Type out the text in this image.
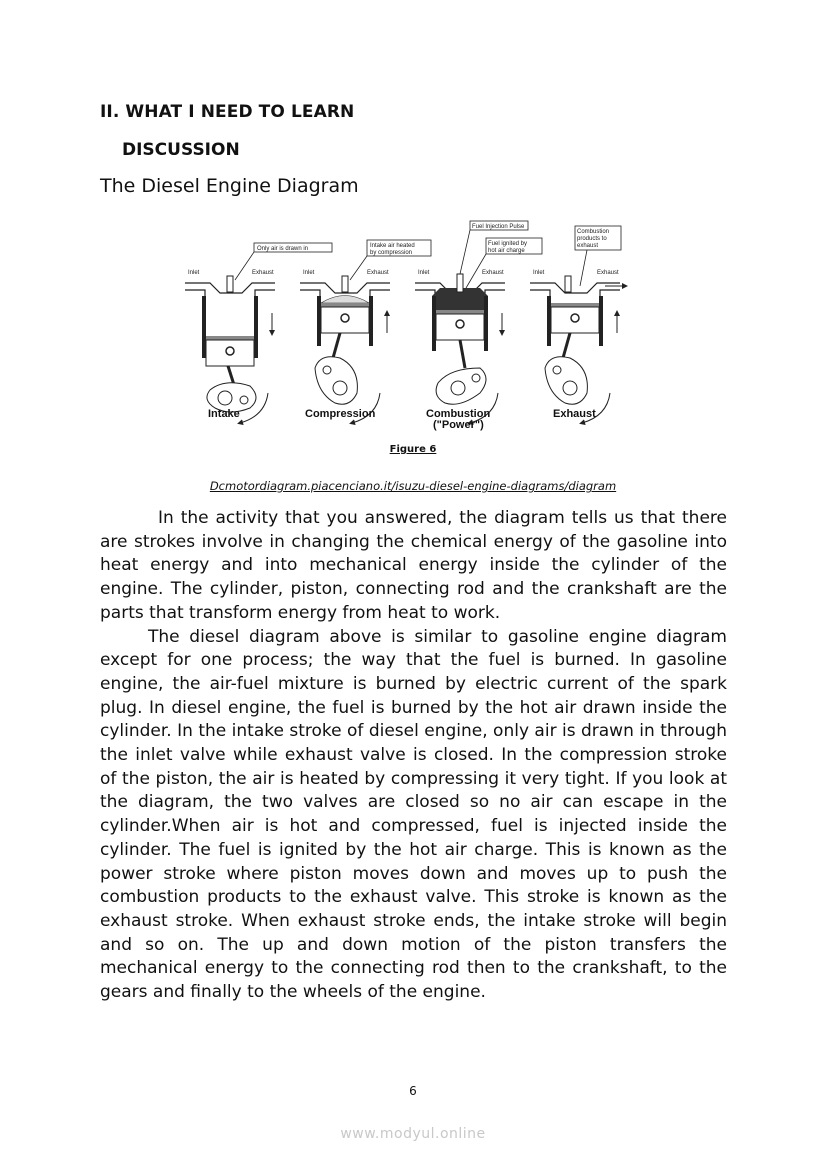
II. WHAT I NEED TO LEARN
DISCUSSION
The Diesel Engine Diagram
Inlet	Exhaust
Only air is drawn in
Inlet	Exhaust
Intake air heated
by compression
Inlet	Exhaust
Fuel Injection Pulse
Fuel ignited by
hot air charge
Inlet	Exhaust
Combustion
products to
exhaust
Intake	Compression	Combustion
("Power")
Exhaust
Figure 6
Dcmotordiagram.piacenciano.it/isuzu-diesel-engine-diagrams/diagram

In the activity that you answered, the diagram tells us that there are strokes involve in changing the chemical energy of the gasoline into heat energy and into mechanical energy inside the cylinder of the engine. The cylinder, piston, connecting rod and the crankshaft are the parts that transform energy from heat to work.

The diesel diagram above is similar to gasoline engine diagram except for one process; the way that the fuel is burned. In gasoline engine, the air-fuel mixture is burned by electric current of the spark plug. In diesel engine, the fuel is burned by the hot air drawn inside the cylinder. In the intake stroke of diesel engine, only air is drawn in through the inlet valve while exhaust valve is closed. In the compression stroke of the piston, the air is heated by compressing it very tight. If you look at the diagram, the two valves are closed so no air can escape in the cylinder.When air is hot and compressed, fuel is injected inside the cylinder. The fuel is ignited by the hot air charge. This is known as the power stroke where piston moves down and moves up to push the combustion products to the exhaust valve. This stroke is known as the exhaust stroke. When exhaust stroke ends, the intake stroke will begin and so on. The up and down motion of the piston transfers the mechanical energy to the connecting rod then to the crankshaft, to the gears and finally to the wheels of the engine.

6
www.modyul.online
